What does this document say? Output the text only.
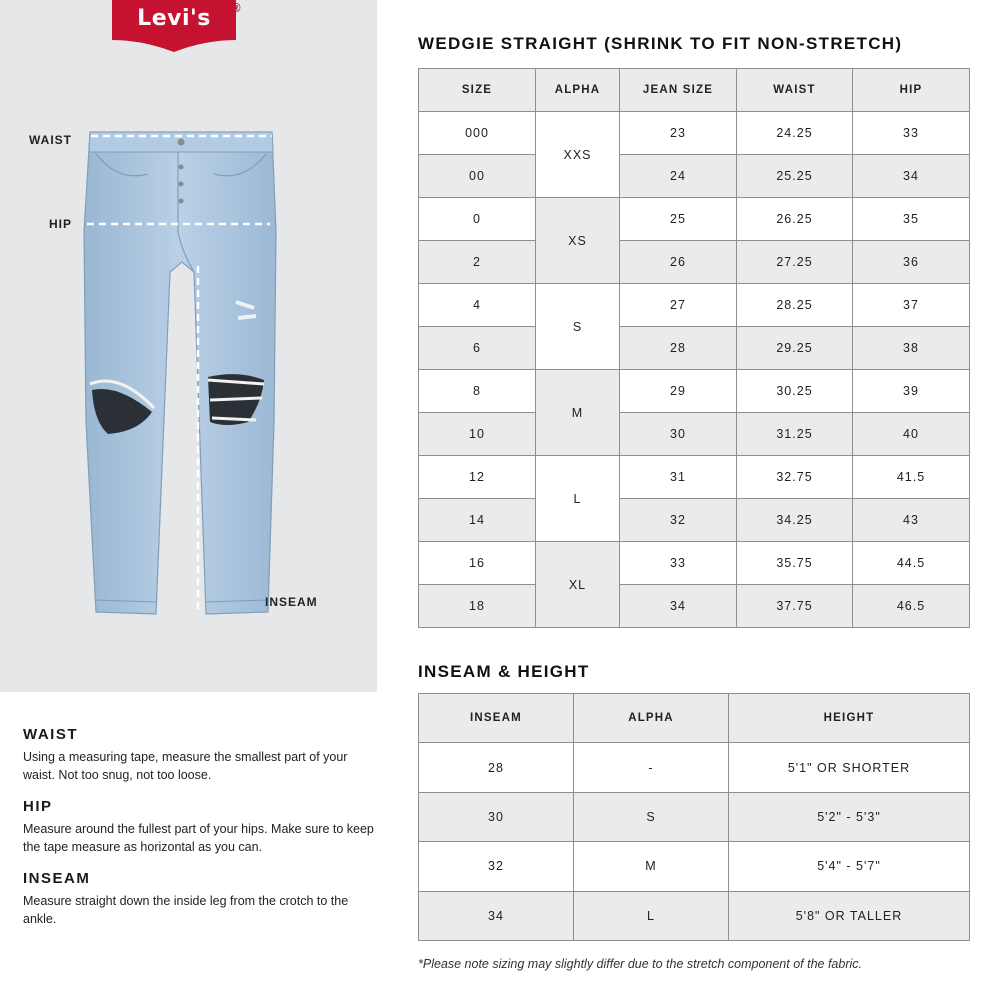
Levi's	®
WAIST
HIP
INSEAM
WAIST

Using a measuring tape, measure the smallest part of your waist. Not too snug, not too loose.

HIP

Measure around the fullest part of your hips. Make sure to keep the tape measure as horizontal as you can.

INSEAM

Measure straight down the inside leg from the crotch to the ankle.

WEDGIE STRAIGHT (SHRINK TO FIT NON-STRETCH)
SIZE	ALPHA	JEAN SIZE	WAIST	HIP
000	XXS	23	24.25	33
00		24	25.25	34
0	XS	25	26.25	35
2		26	27.25	36
4	S	27	28.25	37
6		28	29.25	38
8	M	29	30.25	39
10		30	31.25	40
12	L	31	32.75	41.5
14		32	34.25	43
16	XL	33	35.75	44.5
18		34	37.75	46.5
INSEAM & HEIGHT
INSEAM	ALPHA	HEIGHT
28	-	5'1" OR SHORTER
30	S	5'2" - 5'3"
32	M	5'4" - 5'7"
34	L	5'8" OR TALLER
*Please note sizing may slightly differ due to the stretch component of the fabric.
